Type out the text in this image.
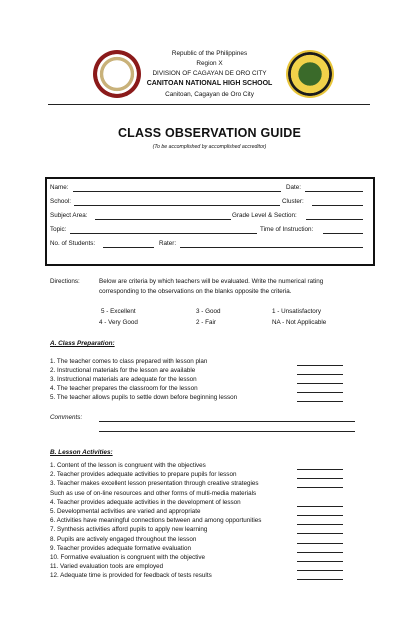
Republic of the Philippines
Region X
DIVISION OF CAGAYAN DE ORO CITY
CANITOAN NATIONAL HIGH SCHOOL
Canitoan, Cagayan de Oro City
CLASS OBSERVATION GUIDE
(To be accomplished by accomplished accreditor)
Name:	Date:
School:	Cluster:
Subject Area:	Grade Level & Section:
Topic:	Time of Instruction:
No. of Students:	Rater:
Directions:	Below are criteria by which teachers will be evaluated. Write the numerical rating
corresponding to the observations on the blanks opposite the criteria.
5 - Excellent	3 - Good	1 - Unsatisfactory
4 - Very Good	2 - Fair	NA - Not Applicable
A. Class Preparation:
1. The teacher comes to class prepared with lesson plan
2. Instructional materials for the lesson are available
3. Instructional materials are adequate for the lesson
4. The teacher prepares the classroom for the lesson
5. The teacher allows pupils to settle down before beginning lesson
Comments:
B. Lesson Activities:
1. Content of the lesson is congruent with the objectives
2. Teacher provides adequate activities to prepare pupils for lesson
3. Teacher makes excellent lesson presentation through creative strategies
Such as use of on-line resources and other forms of multi-media materials
4. Teacher provides adequate activities in the development of lesson
5. Developmental activities are varied and appropriate
6. Activities have meaningful connections between and among opportunities
7. Synthesis activities afford pupils to apply new learning
8. Pupils are actively engaged throughout the lesson
9. Teacher provides adequate formative evaluation
10. Formative evaluation is congruent with the objective
11. Varied evaluation tools are employed
12. Adequate time is provided for feedback of tests results
